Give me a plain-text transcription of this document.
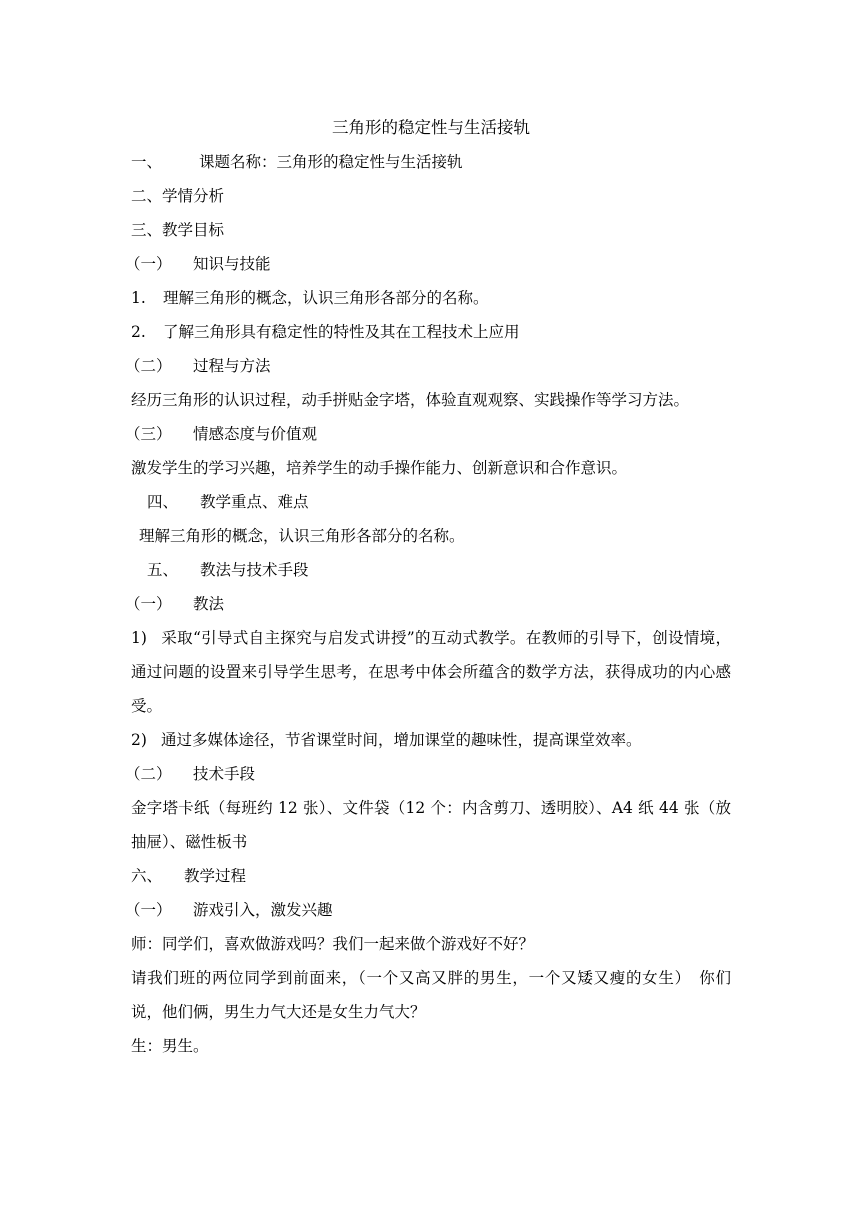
三角形的稳定性与生活接轨
一、 课题名称：三角形的稳定性与生活接轨
二、学情分析
三、教学目标
（一） 知识与技能
1. 理解三角形的概念，认识三角形各部分的名称。
2. 了解三角形具有稳定性的特性及其在工程技术上应用
（二） 过程与方法
经历三角形的认识过程，动手拼贴金字塔，体验直观观察、实践操作等学习方法。
（三） 情感态度与价值观
激发学生的学习兴趣，培养学生的动手操作能力、创新意识和合作意识。
四、 教学重点、难点
理解三角形的概念，认识三角形各部分的名称。
五、 教法与技术手段
（一） 教法
1) 采取“引导式自主探究与启发式讲授”的互动式教学。在教师的引导下，创设情境，通过问题的设置来引导学生思考，在思考中体会所蕴含的数学方法，获得成功的内心感受。
2) 通过多媒体途径，节省课堂时间，增加课堂的趣味性，提高课堂效率。
（二） 技术手段
金字塔卡纸（每班约 12 张）、文件袋（12 个：内含剪刀、透明胶）、A4 纸 44 张（放抽屉）、磁性板书
六、 教学过程
（一） 游戏引入，激发兴趣
师：同学们，喜欢做游戏吗？我们一起来做个游戏好不好？
请我们班的两位同学到前面来，（一个又高又胖的男生，一个又矮又瘦的女生）　你们说，他们俩，男生力气大还是女生力气大？
生：男生。
